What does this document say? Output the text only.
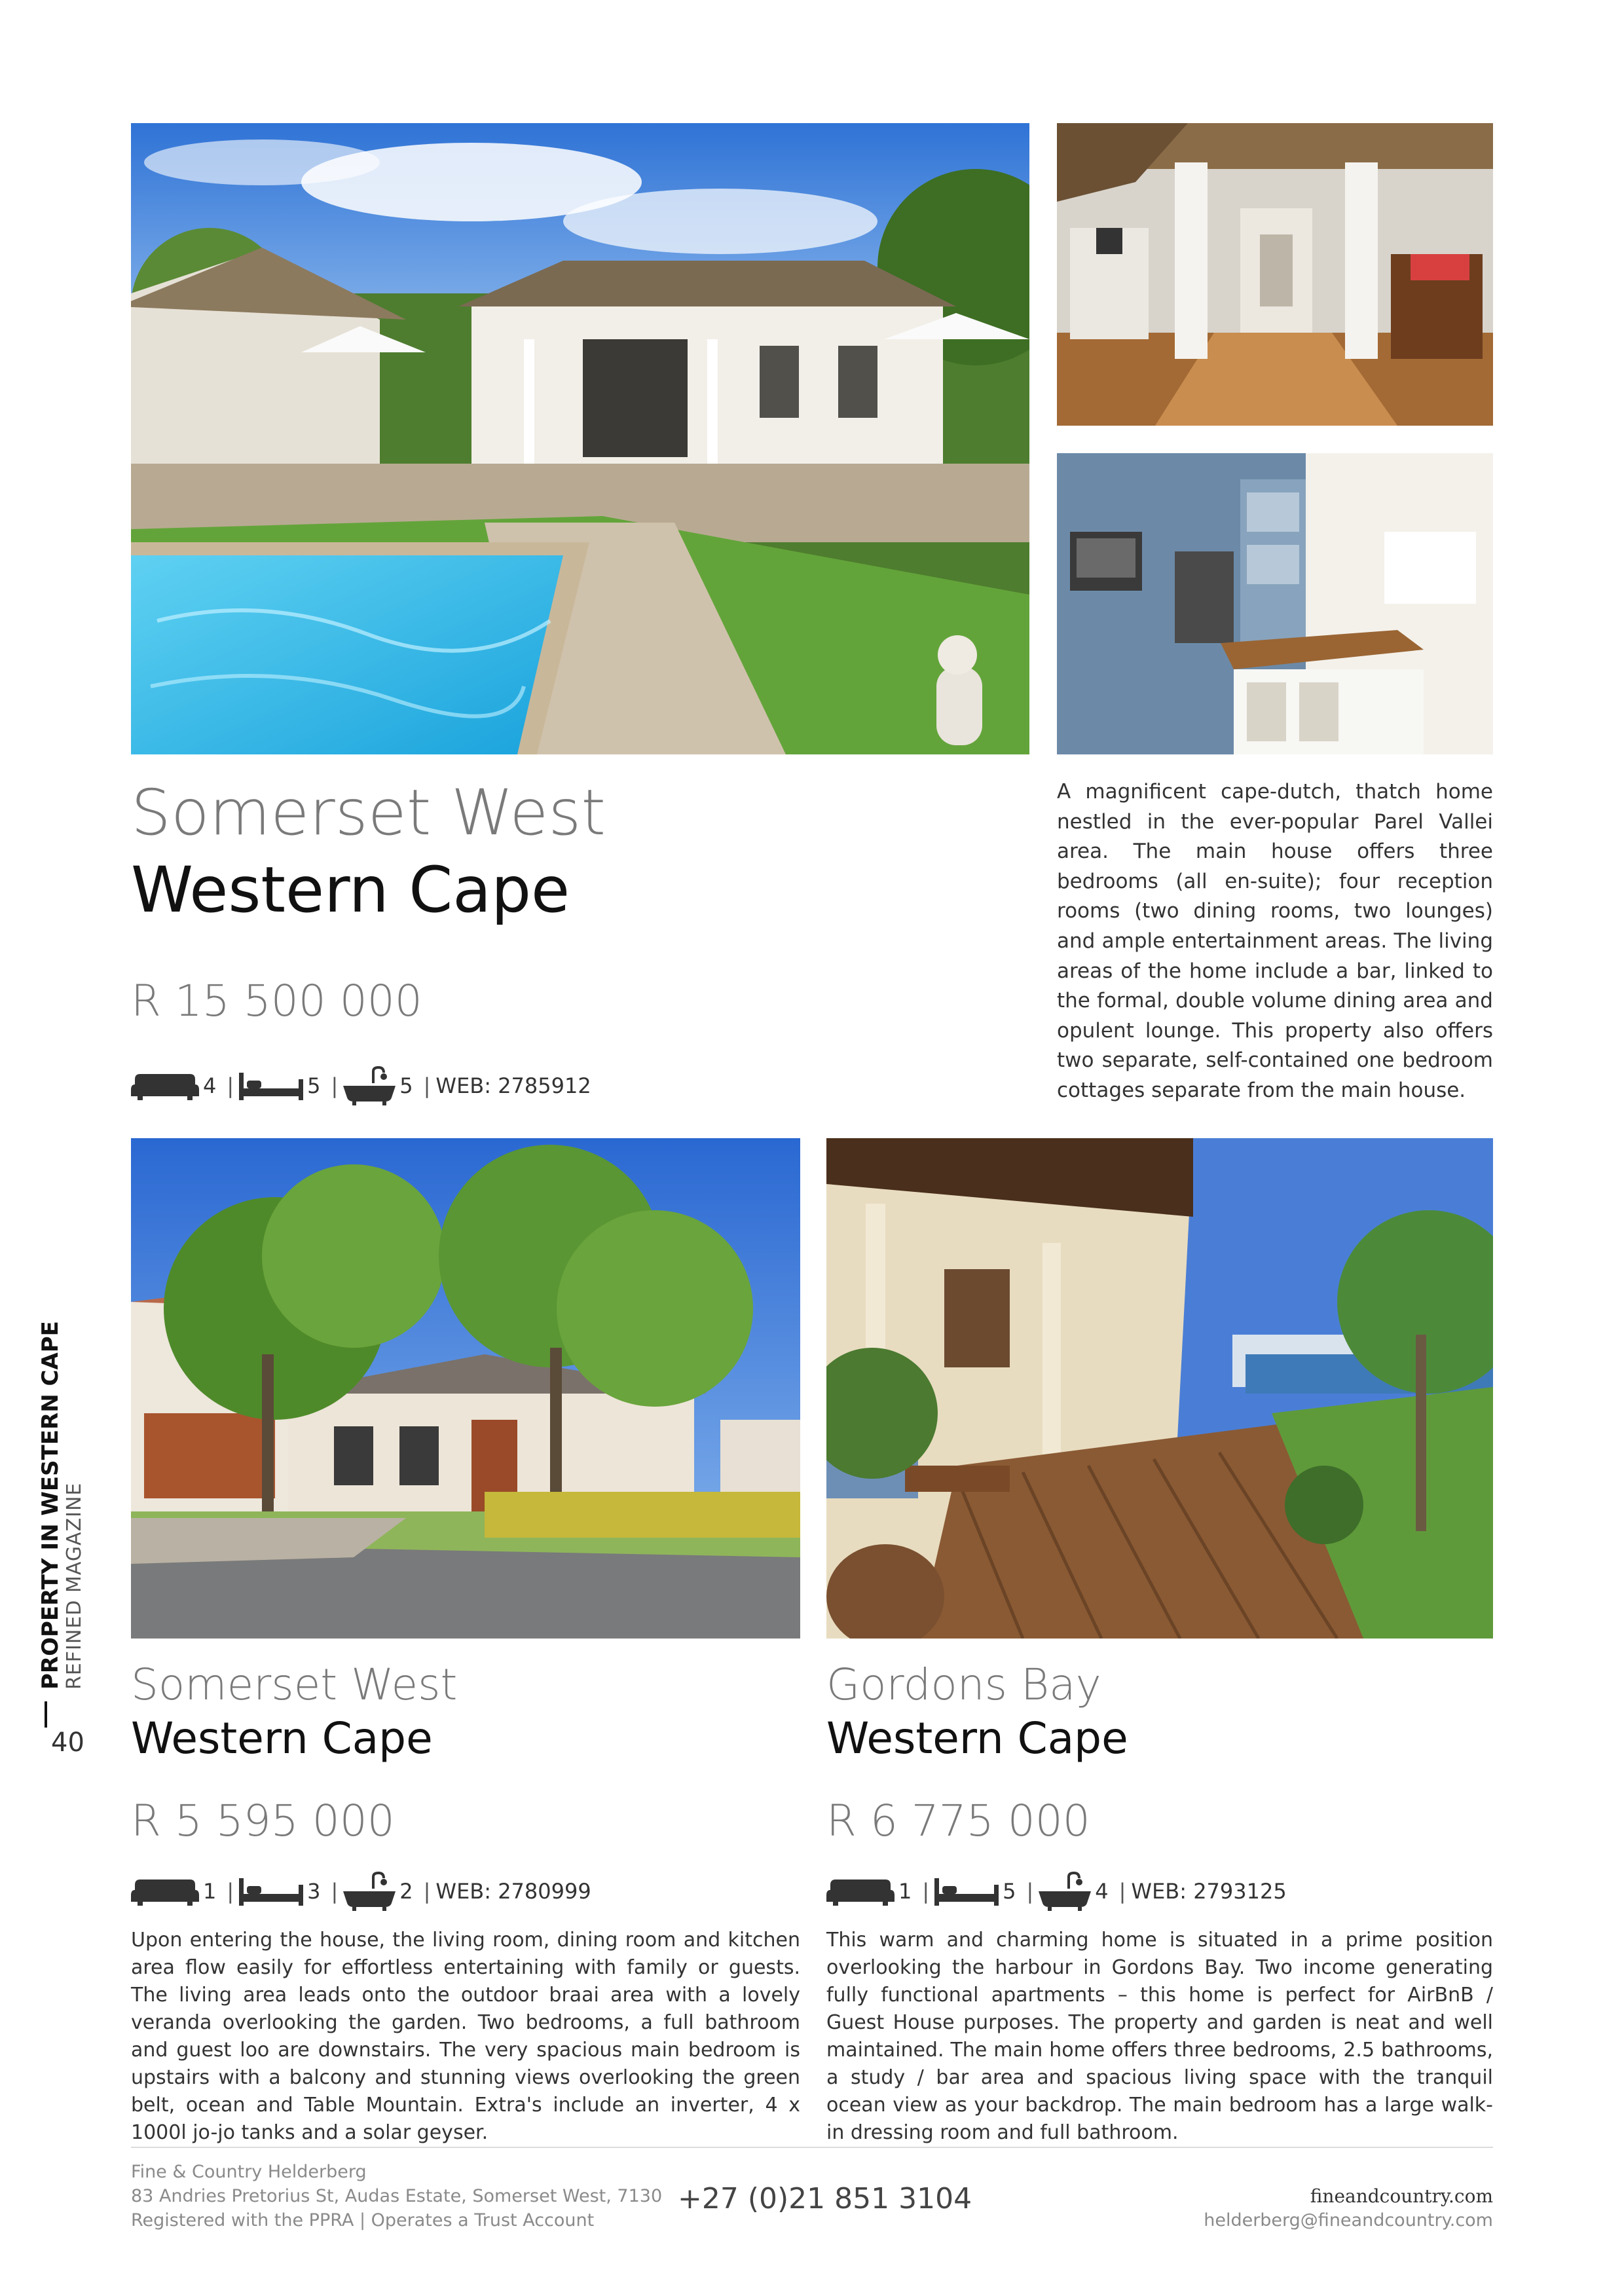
Somerset West
Western Cape
R 15 500 000
4 |	5 |	5 | WEB: 2785912

A magnificent cape-dutch, thatch home nestled in the ever-popular Parel Vallei area. The main house offers three bedrooms (all en-suite); four reception rooms (two dining rooms, two lounges) and ample entertainment areas. The living areas of the home include a bar, linked to the formal, double volume dining area and opulent lounge. This property also offers two separate, self-contained one bedroom cottages separate from the main house.

Somerset West
Western Cape
R 5 595 000
1 |	3 |	2 | WEB: 2780999

Upon entering the house, the living room, dining room and kitchen area flow easily for effortless entertaining with family or guests. The living area leads onto the outdoor braai area with a lovely veranda overlooking the garden. Two bedrooms, a full bathroom and guest loo are downstairs. The very spacious main bedroom is upstairs with a balcony and stunning views overlooking the green belt, ocean and Table Mountain. Extra's include an inverter, 4 x 1000l jo-jo tanks and a solar geyser.

Gordons Bay
Western Cape
R 6 775 000
1 |	5 |	4 | WEB: 2793125

This warm and charming home is situated in a prime position overlooking the harbour in Gordons Bay. Two income generating fully functional apartments – this home is perfect for AirBnB / Guest House purposes. The property and garden is neat and well maintained. The main home offers three bedrooms, 2.5 bathrooms, a study / bar area and spacious living space with the tranquil ocean view as your backdrop. The main bedroom has a large walk-in dressing room and full bathroom.

PROPERTY IN WESTERN CAPE REFINED MAGAZINE
40
Fine & Country Helderberg
83 Andries Pretorius St, Audas Estate, Somerset West, 7130
Registered with the PPRA | Operates a Trust Account
+27 (0)21 851 3104	fineandcountry.com
helderberg@fineandcountry.com
